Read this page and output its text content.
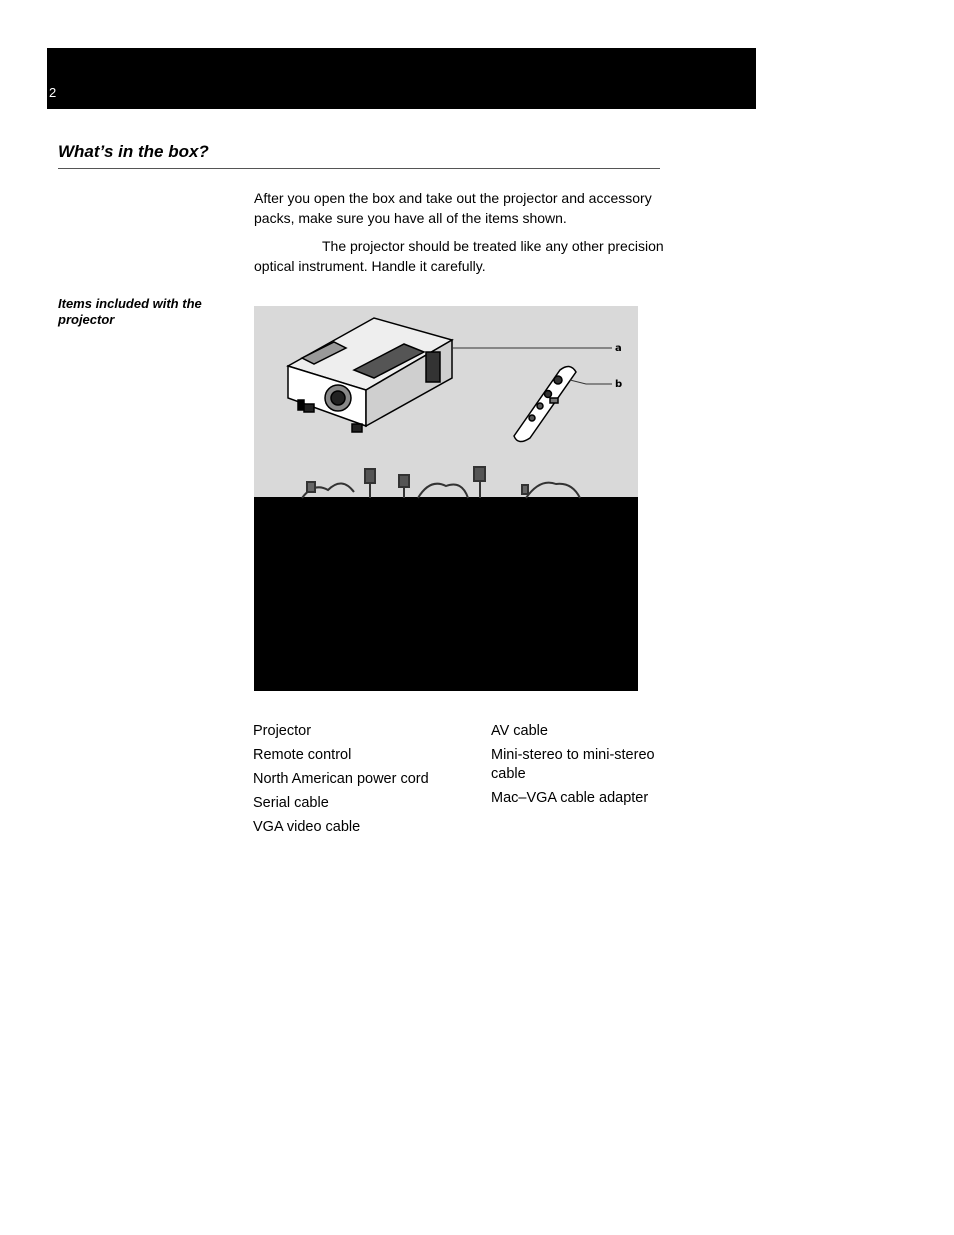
2
What’s in the box?

After you open the box and take out the projector and accessory packs, make sure you have all of the items shown.

The projector should be treated like any other precision optical instrument. Handle it carefully.

Items included with the projector

a
b
Projector
Remote control
North American power cord
Serial cable
VGA video cable
AV cable
Mini-stereo to mini-stereo cable
Mac–VGA cable adapter
